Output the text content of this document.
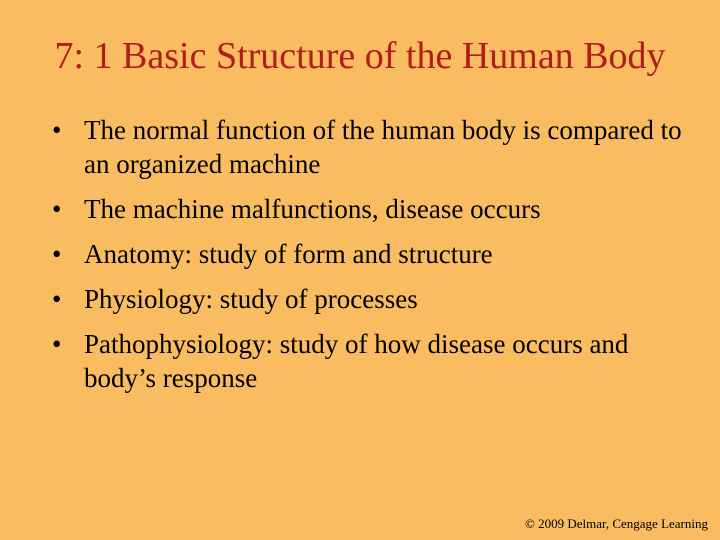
7: 1 Basic Structure of the Human Body
• The normal function of the human body is compared to an organized machine
• The machine malfunctions, disease occurs
• Anatomy: study of form and structure
• Physiology: study of processes
• Pathophysiology: study of how disease occurs and body’s response
© 2009 Delmar, Cengage Learning
